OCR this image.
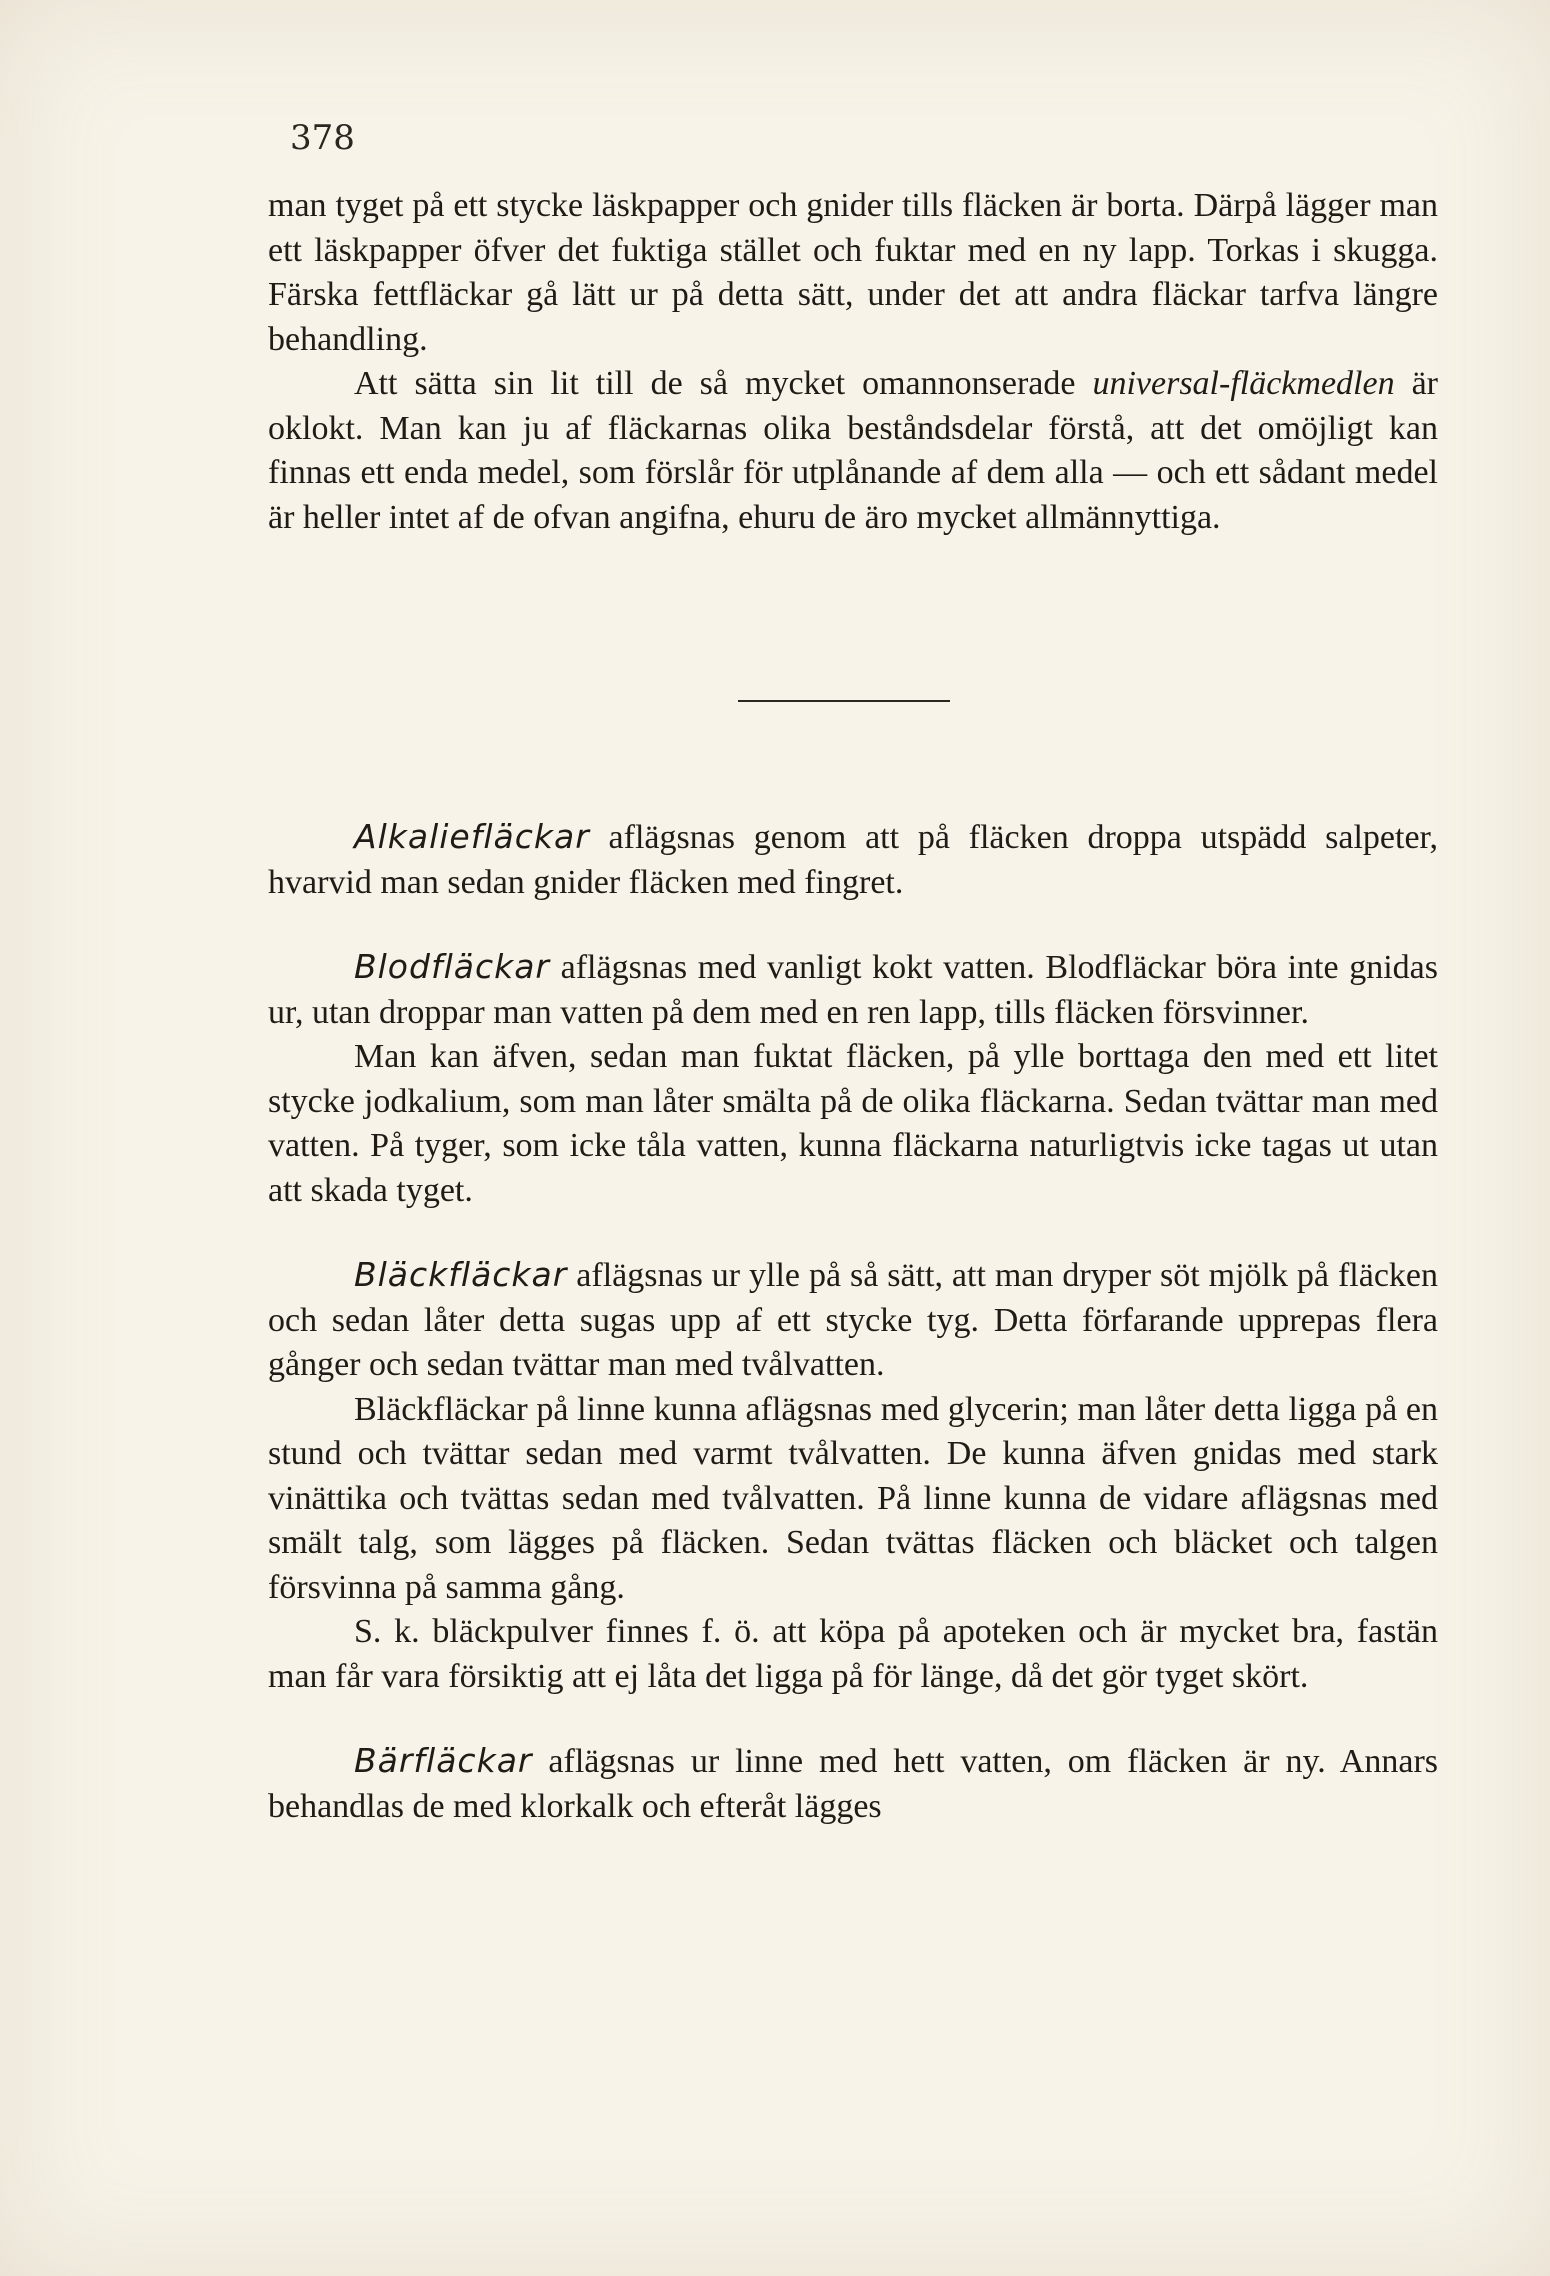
378

man tyget på ett stycke läskpapper och gnider tills fläcken är borta. Därpå lägger man ett läskpapper öfver det fuktiga stället och fuktar med en ny lapp. Torkas i skugga. Färska fettfläckar gå lätt ur på detta sätt, under det att andra fläckar tarfva längre behandling.

Att sätta sin lit till de så mycket omannonserade universal-fläckmedlen är oklokt. Man kan ju af fläckarnas olika beståndsdelar förstå, att det omöjligt kan finnas ett enda medel, som förslår för utplånande af dem alla — och ett sådant medel är heller intet af de ofvan angifna, ehuru de äro mycket allmännyttiga.

Alkaliefläckar aflägsnas genom att på fläcken droppa utspädd salpeter, hvarvid man sedan gnider fläcken med fingret.

Blodfläckar aflägsnas med vanligt kokt vatten. Blodfläckar böra inte gnidas ur, utan droppar man vatten på dem med en ren lapp, tills fläcken försvinner.

Man kan äfven, sedan man fuktat fläcken, på ylle borttaga den med ett litet stycke jodkalium, som man låter smälta på de olika fläckarna. Sedan tvättar man med vatten. På tyger, som icke tåla vatten, kunna fläckarna naturligtvis icke tagas ut utan att skada tyget.

Bläckfläckar aflägsnas ur ylle på så sätt, att man dryper söt mjölk på fläcken och sedan låter detta sugas upp af ett stycke tyg. Detta förfarande upprepas flera gånger och sedan tvättar man med tvålvatten.

Bläckfläckar på linne kunna aflägsnas med glycerin; man låter detta ligga på en stund och tvättar sedan med varmt tvålvatten. De kunna äfven gnidas med stark vinättika och tvättas sedan med tvålvatten. På linne kunna de vidare aflägsnas med smält talg, som lägges på fläcken. Sedan tvättas fläcken och bläcket och talgen försvinna på samma gång.

S. k. bläckpulver finnes f. ö. att köpa på apoteken och är mycket bra, fastän man får vara försiktig att ej låta det ligga på för länge, då det gör tyget skört.

Bärfläckar aflägsnas ur linne med hett vatten, om fläcken är ny. Annars behandlas de med klorkalk och efteråt lägges
